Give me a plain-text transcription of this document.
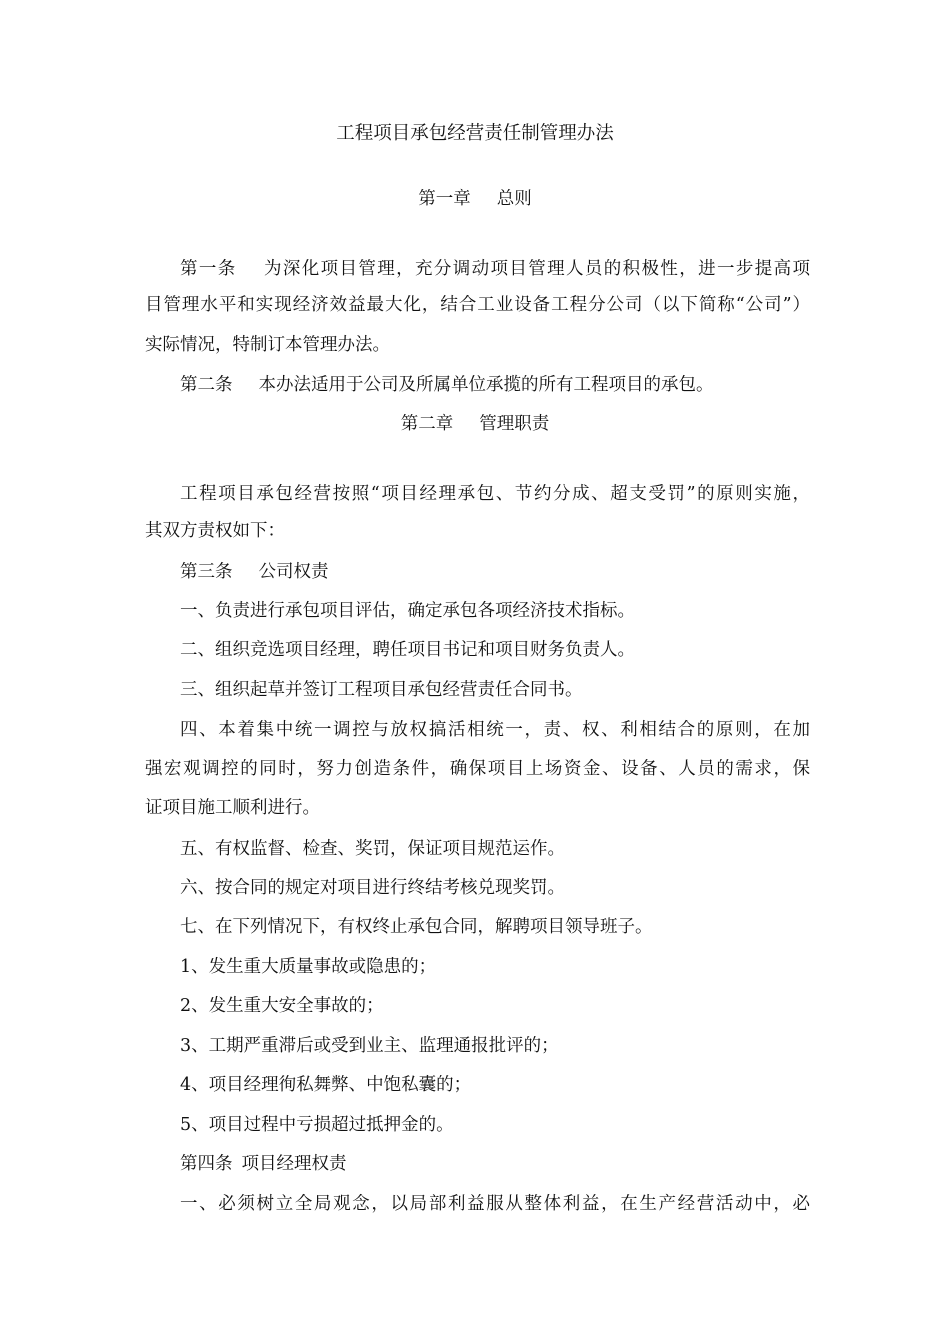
工程项目承包经营责任制管理办法
第一章 总则
第一条 为深化项目管理，充分调动项目管理人员的积极性，进一步提高项
目管理水平和实现经济效益最大化，结合工业设备工程分公司（以下简称“公司”）
实际情况，特制订本管理办法。
第二条 本办法适用于公司及所属单位承揽的所有工程项目的承包。
第二章 管理职责
工程项目承包经营按照“项目经理承包、节约分成、超支受罚”的原则实施，
其双方责权如下：
第三条 公司权责
一、负责进行承包项目评估，确定承包各项经济技术指标。
二、组织竞选项目经理，聘任项目书记和项目财务负责人。
三、组织起草并签订工程项目承包经营责任合同书。
四、本着集中统一调控与放权搞活相统一，责、权、利相结合的原则，在加
强宏观调控的同时，努力创造条件，确保项目上场资金、设备、人员的需求，保
证项目施工顺利进行。
五、有权监督、检查、奖罚，保证项目规范运作。
六、按合同的规定对项目进行终结考核兑现奖罚。
七、在下列情况下，有权终止承包合同，解聘项目领导班子。
1、发生重大质量事故或隐患的；
2、发生重大安全事故的；
3、工期严重滞后或受到业主、监理通报批评的；
4、项目经理徇私舞弊、中饱私囊的；
5、项目过程中亏损超过抵押金的。
第四条 项目经理权责
一、必须树立全局观念，以局部利益服从整体利益，在生产经营活动中，必
